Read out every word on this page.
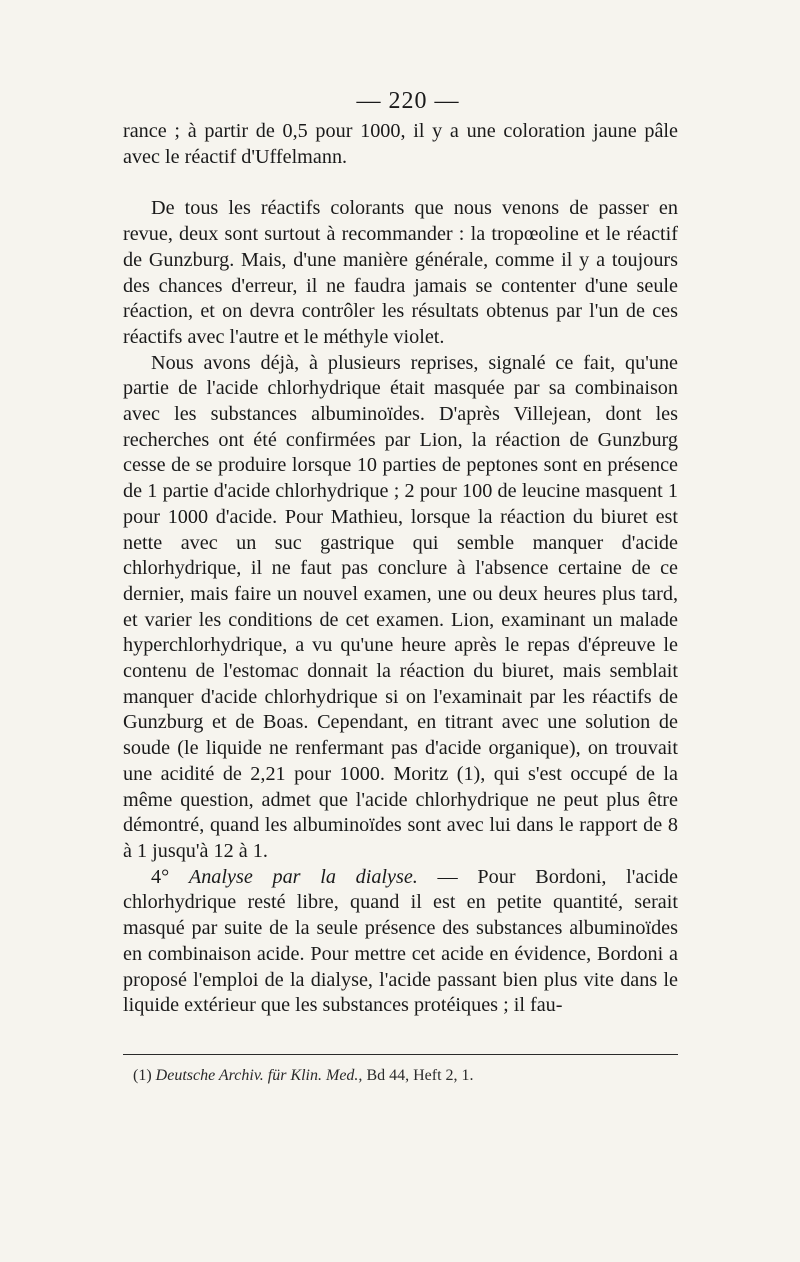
— 220 —

rance ; à partir de 0,5 pour 1000, il y a une coloration jaune pâle avec le réactif d'Uffelmann.

De tous les réactifs colorants que nous venons de passer en revue, deux sont surtout à recommander : la tropœoline et le réactif de Gunzburg. Mais, d'une manière générale, comme il y a toujours des chances d'erreur, il ne faudra jamais se contenter d'une seule réaction, et on devra contrôler les résultats obtenus par l'un de ces réactifs avec l'autre et le méthyle violet.

Nous avons déjà, à plusieurs reprises, signalé ce fait, qu'une partie de l'acide chlorhydrique était masquée par sa combinaison avec les substances albuminoïdes. D'après Villejean, dont les recherches ont été confirmées par Lion, la réaction de Gunzburg cesse de se produire lorsque 10 parties de peptones sont en présence de 1 partie d'acide chlorhydrique ; 2 pour 100 de leucine masquent 1 pour 1000 d'acide. Pour Mathieu, lorsque la réaction du biuret est nette avec un suc gastrique qui semble manquer d'acide chlorhydrique, il ne faut pas conclure à l'absence certaine de ce dernier, mais faire un nouvel examen, une ou deux heures plus tard, et varier les conditions de cet examen. Lion, examinant un malade hyperchlorhydrique, a vu qu'une heure après le repas d'épreuve le contenu de l'estomac donnait la réaction du biuret, mais semblait manquer d'acide chlorhydrique si on l'examinait par les réactifs de Gunzburg et de Boas. Cependant, en titrant avec une solution de soude (le liquide ne renfermant pas d'acide organique), on trouvait une acidité de 2,21 pour 1000. Moritz (1), qui s'est occupé de la même question, admet que l'acide chlorhydrique ne peut plus être démontré, quand les albuminoïdes sont avec lui dans le rapport de 8 à 1 jusqu'à 12 à 1.

4° Analyse par la dialyse. — Pour Bordoni, l'acide chlorhydrique resté libre, quand il est en petite quantité, serait masqué par suite de la seule présence des substances albuminoïdes en combinaison acide. Pour mettre cet acide en évidence, Bordoni a proposé l'emploi de la dialyse, l'acide passant bien plus vite dans le liquide extérieur que les substances protéiques ; il fau-

(1) Deutsche Archiv. für Klin. Med., Bd 44, Heft 2, 1.
